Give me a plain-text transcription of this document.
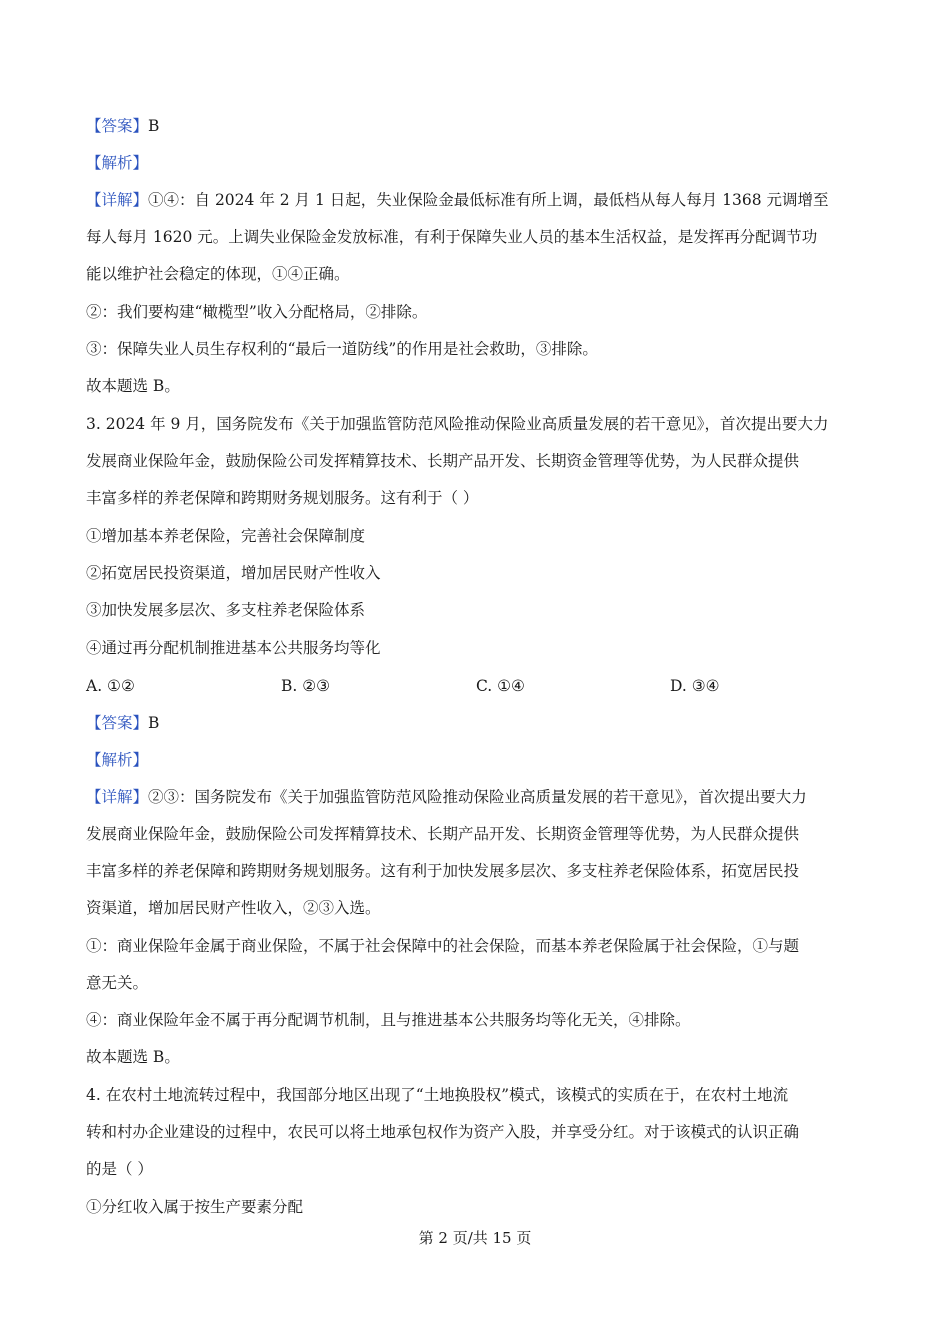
【答案】B
【解析】
【详解】①④：自 2024 年 2 月 1 日起，失业保险金最低标准有所上调，最低档从每人每月 1368 元调增至
每人每月 1620 元。上调失业保险金发放标准，有利于保障失业人员的基本生活权益，是发挥再分配调节功
能以维护社会稳定的体现，①④正确。
②：我们要构建“橄榄型”收入分配格局，②排除。
③：保障失业人员生存权利的“最后一道防线”的作用是社会救助，③排除。
故本题选 B。
3. 2024 年 9 月，国务院发布《关于加强监管防范风险推动保险业高质量发展的若干意见》，首次提出要大力
发展商业保险年金，鼓励保险公司发挥精算技术、长期产品开发、长期资金管理等优势，为人民群众提供
丰富多样的养老保障和跨期财务规划服务。这有利于（ ）
①增加基本养老保险，完善社会保障制度
②拓宽居民投资渠道，增加居民财产性收入
③加快发展多层次、多支柱养老保险体系
④通过再分配机制推进基本公共服务均等化
A. ①②	B. ②③	C. ①④	D. ③④
【答案】B
【解析】
【详解】②③：国务院发布《关于加强监管防范风险推动保险业高质量发展的若干意见》，首次提出要大力
发展商业保险年金，鼓励保险公司发挥精算技术、长期产品开发、长期资金管理等优势，为人民群众提供
丰富多样的养老保障和跨期财务规划服务。这有利于加快发展多层次、多支柱养老保险体系，拓宽居民投
资渠道，增加居民财产性收入，②③入选。
①：商业保险年金属于商业保险，不属于社会保障中的社会保险，而基本养老保险属于社会保险，①与题
意无关。
④：商业保险年金不属于再分配调节机制，且与推进基本公共服务均等化无关，④排除。
故本题选 B。
4. 在农村土地流转过程中，我国部分地区出现了“土地换股权”模式，该模式的实质在于，在农村土地流
转和村办企业建设的过程中，农民可以将土地承包权作为资产入股，并享受分红。对于该模式的认识正确
的是（ ）
①分红收入属于按生产要素分配
第 2 页/共 15 页
